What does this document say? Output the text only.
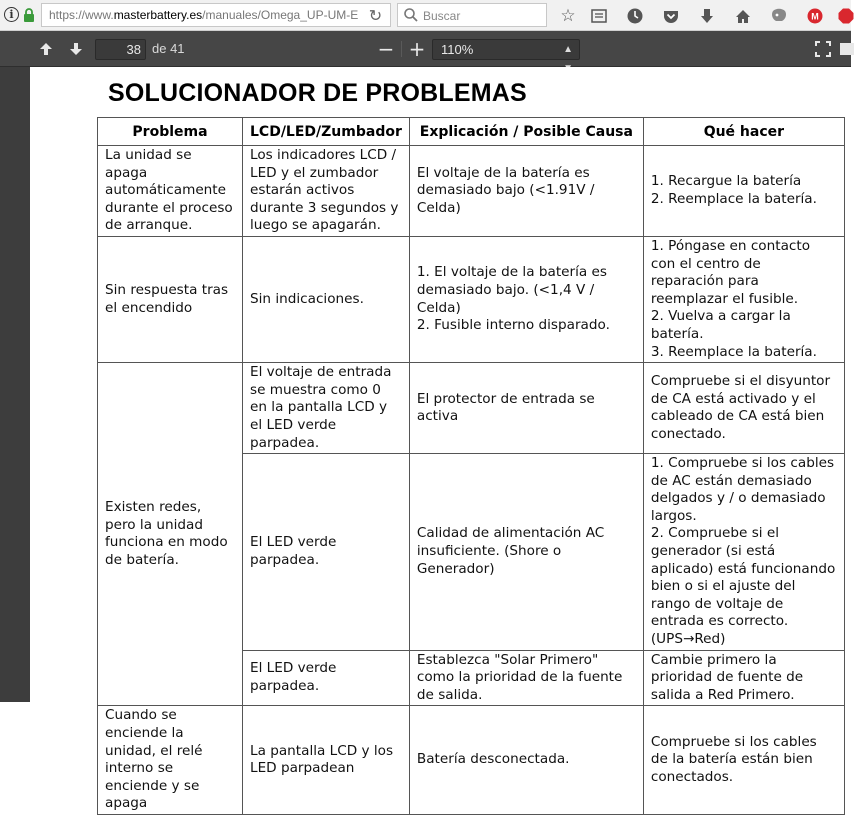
i	https://www.masterbattery.es/manuales/Omega_UP-UM-E ↻	Buscar	☆	M
38 de 41	− +	110%	▲

SOLUCIONADOR DE PROBLEMAS
Problema	LCD/LED/Zumbador	Explicación / Posible Causa	Qué hacer
La unidad se apaga automáticamente durante el proceso de arranque.	Los indicadores LCD / LED y el zumbador estarán activos durante 3 segundos y luego se apagarán.	El voltaje de la batería es demasiado bajo (<1.91V / Celda)	1. Recargue la batería
2. Reemplace la batería.
Sin respuesta tras el encendido	Sin indicaciones.	1. El voltaje de la batería es demasiado bajo. (<1,4 V / Celda)
2. Fusible interno disparado.	1. Póngase en contacto con el centro de reparación para reemplazar el fusible.
2. Vuelva a cargar la batería.
3. Reemplace la batería.
Existen redes, pero la unidad funciona en modo de batería.	El voltaje de entrada se muestra como 0 en la pantalla LCD y el LED verde parpadea.	El protector de entrada se activa	Compruebe si el disyuntor de CA está activado y el cableado de CA está bien conectado.
	El LED verde parpadea.	Calidad de alimentación AC insuficiente. (Shore o Generador)	1. Compruebe si los cables de AC están demasiado delgados y / o demasiado largos.
2. Compruebe si el generador (si está aplicado) está funcionando bien o si el ajuste del rango de voltaje de entrada es correcto.
(UPS→Red)
	El LED verde parpadea.	Establezca "Solar Primero" como la prioridad de la fuente de salida.	Cambie primero la prioridad de fuente de salida a Red Primero.
Cuando se enciende la unidad, el relé interno se enciende y se apaga	La pantalla LCD y los LED parpadean	Batería desconectada.	Compruebe si los cables de la batería están bien conectados.
